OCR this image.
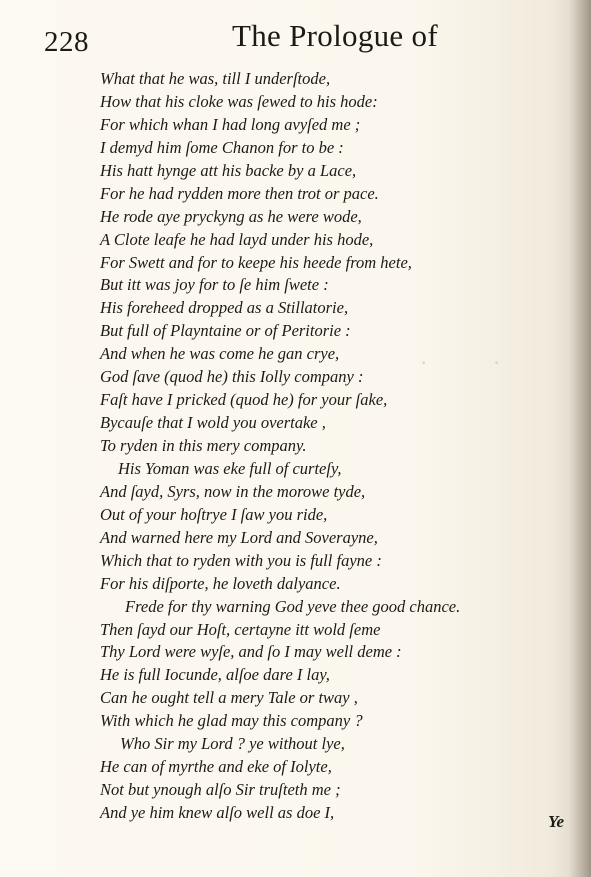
· ·
228	The Prologue of
What that he was, till I underſtode,
How that his cloke was ſewed to his hode:
For which whan I had long avyſed me ;
I demyd him ſome Chanon for to be :
His hatt hynge att his backe by a Lace,
For he had rydden more then trot or pace.
He rode aye pryckyng as he were wode,
A Clote leafe he had layd under his hode,
For Swett and for to keepe his heede from hete,
But itt was joy for to ſe him ſwete :
His foreheed dropped as a Stillatorie,
But full of Playntaine or of Peritorie :
And when he was come he gan crye,
God ſave (quod he) this Iolly company :
Faſt have I pricked (quod he) for your ſake,
Bycauſe that I wold you overtake ,
To ryden in this mery company.
His Yoman was eke full of curteſy,
And ſayd, Syrs, now in the morowe tyde,
Out of your hoſtrye I ſaw you ride,
And warned here my Lord and Soverayne,
Which that to ryden with you is full fayne :
For his diſporte, he loveth dalyance.
Frede for thy warning God yeve thee good chance.
Then ſayd our Hoſt, certayne itt wold ſeme
Thy Lord were wyſe, and ſo I may well deme :
He is full Iocunde, alſoe dare I lay,
Can he ought tell a mery Tale or tway ,
With which he glad may this company ?
Who Sir my Lord ? ye without lye,
He can of myrthe and eke of Iolyte,
Not but ynough alſo Sir truſteth me ;
And ye him knew alſo well as doe I,	Ye
